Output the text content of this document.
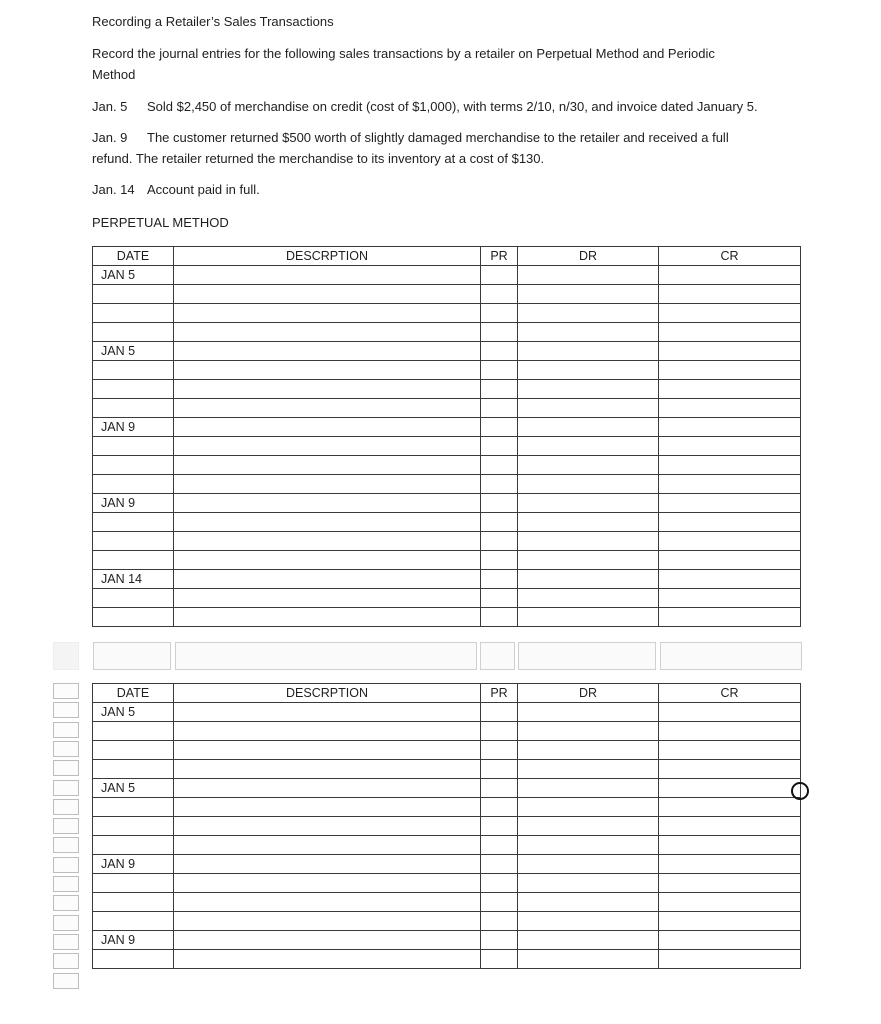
Recording a Retailer’s Sales Transactions
Record the journal entries for the following sales transactions by a retailer on Perpetual Method and Periodic
Method
Jan. 5 Sold $2,450 of merchandise on credit (cost of $1,000), with terms 2/10, n/30, and invoice dated January 5.
Jan. 9 The customer returned $500 worth of slightly damaged merchandise to the retailer and received a full
refund. The retailer returned the merchandise to its inventory at a cost of $130.
Jan. 14 Account paid in full.
PERPETUAL METHOD
DATE	DESCRPTION	PR	DR	CR
JAN 5				

JAN 5				

JAN 9				

JAN 9				

JAN 14				

DATE	DESCRPTION	PR	DR	CR
JAN 5				

JAN 5				

JAN 9				

JAN 9				
